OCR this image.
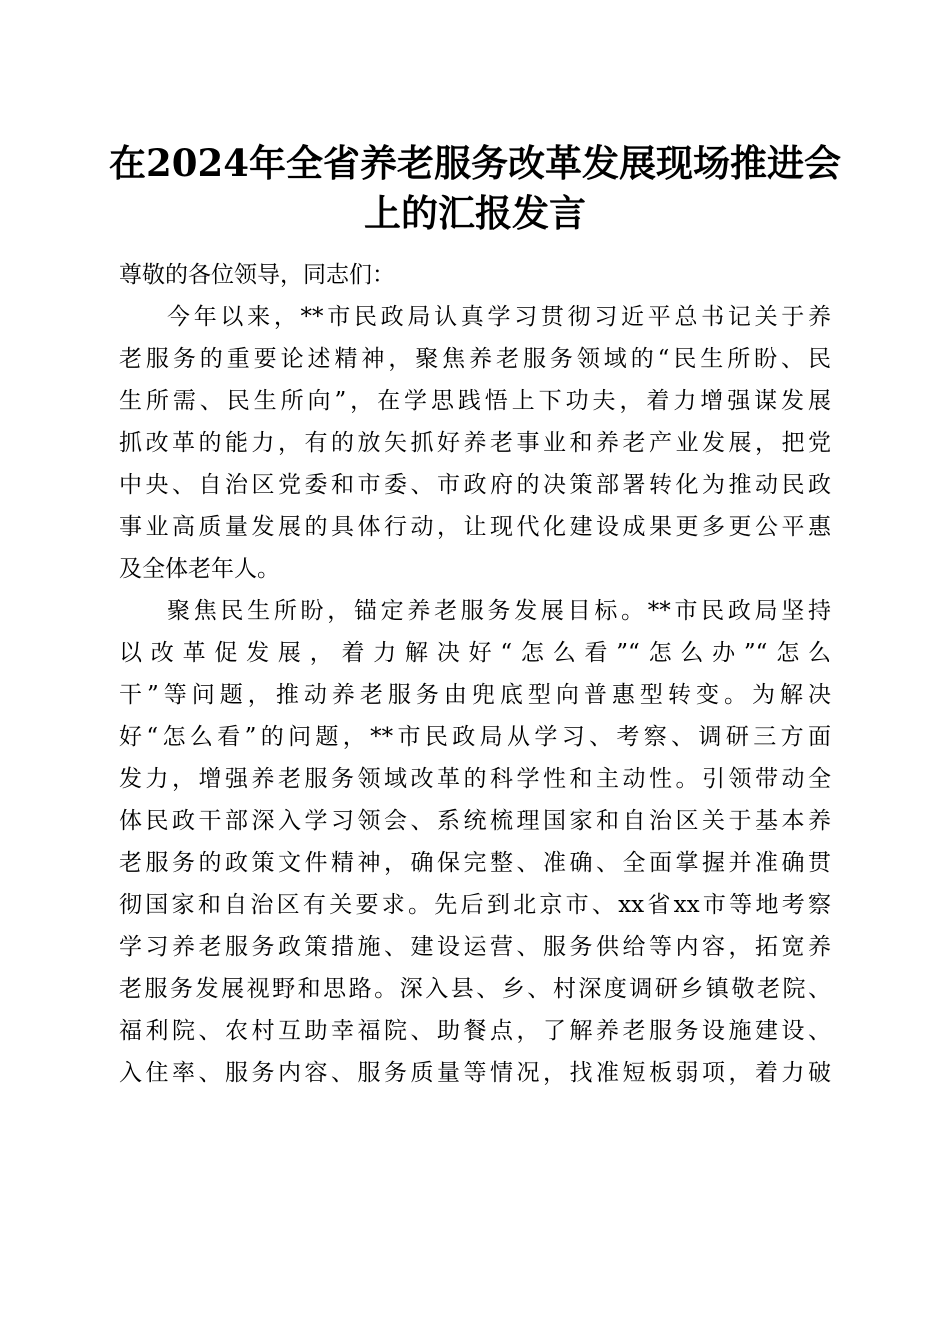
在2024年全省养老服务改革发展现场推进会
上的汇报发言
尊敬的各位领导，同志们：
今年以来，**市民政局认真学习贯彻习近平总书记关于养
老服务的重要论述精神，聚焦养老服务领域的“民生所盼、民
生所需、民生所向”，在学思践悟上下功夫，着力增强谋发展
抓改革的能力，有的放矢抓好养老事业和养老产业发展，把党
中央、自治区党委和市委、市政府的决策部署转化为推动民政
事业高质量发展的具体行动，让现代化建设成果更多更公平惠
及全体老年人。
聚焦民生所盼，锚定养老服务发展目标。**市民政局坚持
以改革促发展，着力解决好“怎么看”“怎么办”“怎么
干”等问题，推动养老服务由兜底型向普惠型转变。为解决
好“怎么看”的问题，**市民政局从学习、考察、调研三方面
发力，增强养老服务领域改革的科学性和主动性。引领带动全
体民政干部深入学习领会、系统梳理国家和自治区关于基本养
老服务的政策文件精神，确保完整、准确、全面掌握并准确贯
彻国家和自治区有关要求。先后到北京市、xx省xx市等地考察
学习养老服务政策措施、建设运营、服务供给等内容，拓宽养
老服务发展视野和思路。深入县、乡、村深度调研乡镇敬老院、
福利院、农村互助幸福院、助餐点，了解养老服务设施建设、
入住率、服务内容、服务质量等情况，找准短板弱项，着力破
